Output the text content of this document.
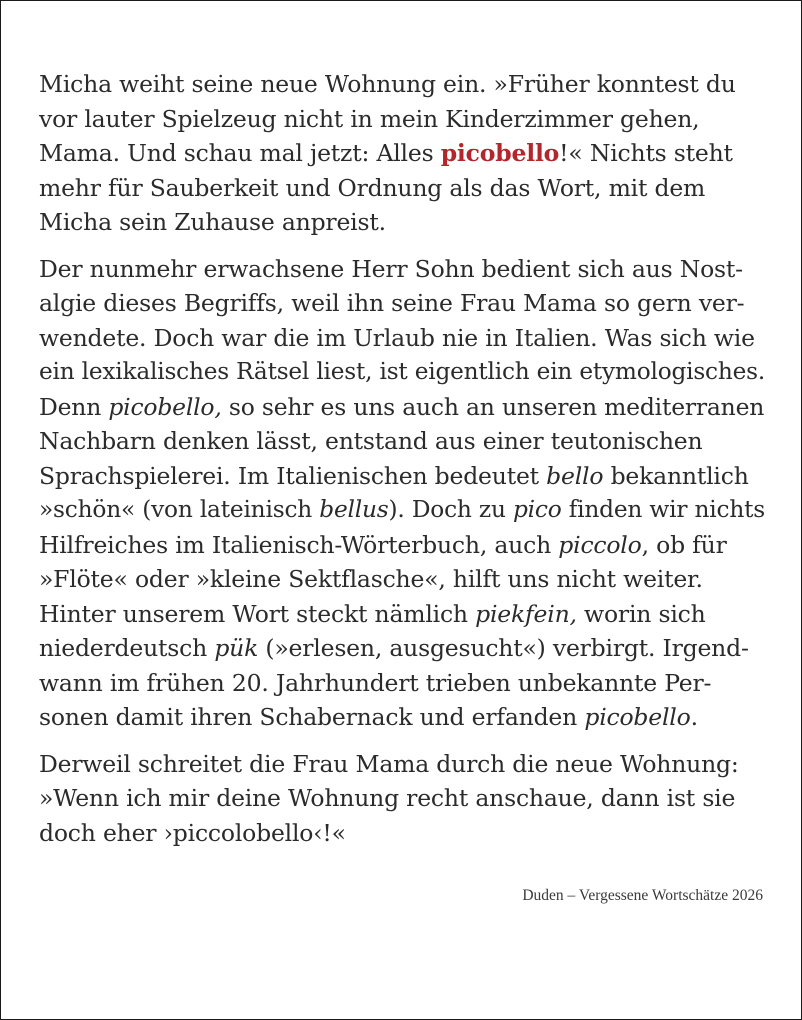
Micha weiht seine neue Wohnung ein. »Früher konntest du
vor lauter Spielzeug nicht in mein Kinderzimmer gehen,
Mama. Und schau mal jetzt: Alles picobello!« Nichts steht
mehr für Sauberkeit und Ordnung als das Wort, mit dem
Micha sein Zuhause anpreist.
Der nunmehr erwachsene Herr Sohn bedient sich aus Nost-
algie dieses Begriffs, weil ihn seine Frau Mama so gern ver-
wendete. Doch war die im Urlaub nie in Italien. Was sich wie
ein lexikalisches Rätsel liest, ist eigentlich ein etymologisches.
Denn picobello, so sehr es uns auch an unseren mediterranen
Nachbarn denken lässt, entstand aus einer teutonischen
Sprachspielerei. Im Italienischen bedeutet bello bekanntlich
»schön« (von lateinisch bellus). Doch zu pico finden wir nichts
Hilfreiches im Italienisch-Wörterbuch, auch piccolo, ob für
»Flöte« oder »kleine Sektflasche«, hilft uns nicht weiter.
Hinter unserem Wort steckt nämlich piekfein, worin sich
niederdeutsch pük (»erlesen, ausgesucht«) verbirgt. Irgend-
wann im frühen 20. Jahrhundert trieben unbekannte Per-
sonen damit ihren Schabernack und erfanden picobello.
Derweil schreitet die Frau Mama durch die neue Wohnung:
»Wenn ich mir deine Wohnung recht anschaue, dann ist sie
doch eher ›piccolobello‹!«
Duden – Vergessene Wortschätze 2026
